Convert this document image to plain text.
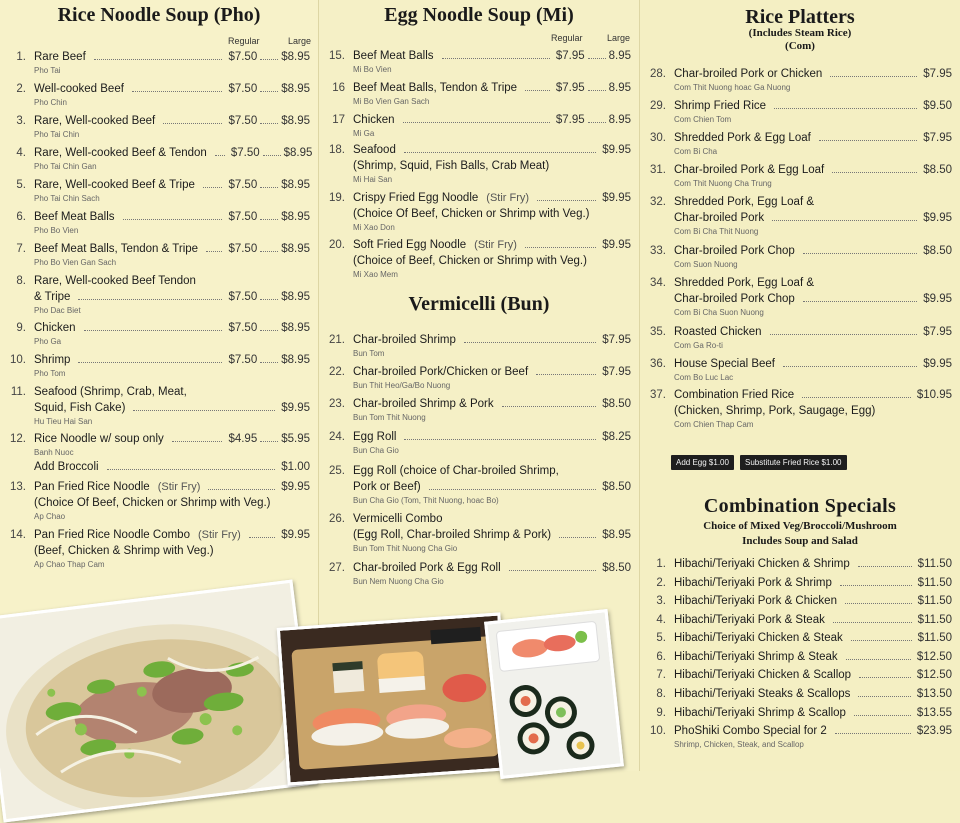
Rice Noodle Soup (Pho)
Regular	Large
1. Rare Beef	$7.50 $8.95
Pho Tai
2. Well-cooked Beef	$7.50 $8.95
Pho Chin
3. Rare, Well-cooked Beef	$7.50 $8.95
Pho Tai Chin
4. Rare, Well-cooked Beef & Tendon $7.50 $8.95
Pho Tai Chin Gan
5. Rare, Well-cooked Beef & Tripe	$7.50 $8.95
Pho Tai Chin Sach
6. Beef Meat Balls	$7.50 $8.95
Pho Bo Vien
7. Beef Meat Balls, Tendon & Tripe	$7.50 $8.95
Pho Bo Vien Gan Sach
8. Rare, Well-cooked Beef Tendon
& Tripe	$7.50 $8.95
Pho Dac Biet
9. Chicken	$7.50 $8.95
Pho Ga
10. Shrimp	$7.50 $8.95
Pho Tom
11. Seafood (Shrimp, Crab, Meat,
Squid, Fish Cake)	$9.95
Hu Tieu Hai San
12. Rice Noodle w/ soup only	$4.95 $5.95
Banh Nuoc
Add Broccoli	$1.00
13. Pan Fried Rice Noodle (Stir Fry)	$9.95
(Choice Of Beef, Chicken or Shrimp with Veg.)
Ap Chao
14. Pan Fried Rice Noodle Combo (Stir Fry)	$9.95
(Beef, Chicken & Shrimp with Veg.)
Ap Chao Thap Cam
Egg Noodle Soup (Mi)
Regular	Large
15. Beef Meat Balls	$7.95 8.95
Mi Bo Vien
16 Beef Meat Balls, Tendon & Tripe	$7.95 8.95
Mi Bo Vien Gan Sach
17 Chicken	$7.95 8.95
Mi Ga
18. Seafood	$9.95
(Shrimp, Squid, Fish Balls, Crab Meat)
Mi Hai San
19. Crispy Fried Egg Noodle (Stir Fry)	$9.95
(Choice Of Beef, Chicken or Shrimp with Veg.)
Mi Xao Don
20. Soft Fried Egg Noodle (Stir Fry)	$9.95
(Choice of Beef, Chicken or Shrimp with Veg.)
Mi Xao Mem
Vermicelli (Bun)
21. Char-broiled Shrimp	$7.95
Bun Tom
22. Char-broiled Pork/Chicken or Beef	$7.95
Bun Thit Heo/Ga/Bo Nuong
23. Char-broiled Shrimp & Pork	$8.50
Bun Tom Thit Nuong
24. Egg Roll	$8.25
Bun Cha Gio
25. Egg Roll (choice of Char-broiled Shrimp,
Pork or Beef)	$8.50
Bun Cha Gio (Tom, Thit Nuong, hoac Bo)
26. Vermicelli Combo
(Egg Roll, Char-broiled Shrimp & Pork)	$8.95
Bun Tom Thit Nuong Cha Gio
27. Char-broiled Pork & Egg Roll	$8.50
Bun Nem Nuong Cha Gio
Rice Platters
(Includes Steam Rice)
(Com)
28. Char-broiled Pork or Chicken	$7.95
Com Thit Nuong hoac Ga Nuong
29. Shrimp Fried Rice	$9.50
Com Chien Tom
30. Shredded Pork & Egg Loaf	$7.95
Com Bi Cha
31. Char-broiled Pork & Egg Loaf	$8.50
Com Thit Nuong Cha Trung
32. Shredded Pork, Egg Loaf &
Char-broiled Pork	$9.95
Com Bi Cha Thit Nuong
33. Char-broiled Pork Chop	$8.50
Com Suon Nuong
34. Shredded Pork, Egg Loaf &
Char-broiled Pork Chop	$9.95
Com Bi Cha Suon Nuong
35. Roasted Chicken	$7.95
Com Ga Ro-ti
36. House Special Beef	$9.95
Com Bo Luc Lac
37. Combination Fried Rice	$10.95
(Chicken, Shrimp, Pork, Saugage, Egg)
Com Chien Thap Cam
Add Egg $1.00	Substitute Fried Rice $1.00
Combination Specials
Choice of Mixed Veg/Broccoli/Mushroom
Includes Soup and Salad
1. Hibachi/Teriyaki Chicken & Shrimp	$11.50
2. Hibachi/Teriyaki Pork & Shrimp	$11.50
3. Hibachi/Teriyaki Pork & Chicken	$11.50
4. Hibachi/Teriyaki Pork & Steak	$11.50
5. Hibachi/Teriyaki Chicken & Steak	$11.50
6. Hibachi/Teriyaki Shrimp & Steak	$12.50
7. Hibachi/Teriyaki Chicken & Scallop	$12.50
8. Hibachi/Teriyaki Steaks & Scallops	$13.50
9. Hibachi/Teriyaki Shrimp & Scallop	$13.55
10. PhoShiki Combo Special for 2	$23.95
Shrimp, Chicken, Steak, and Scallop
